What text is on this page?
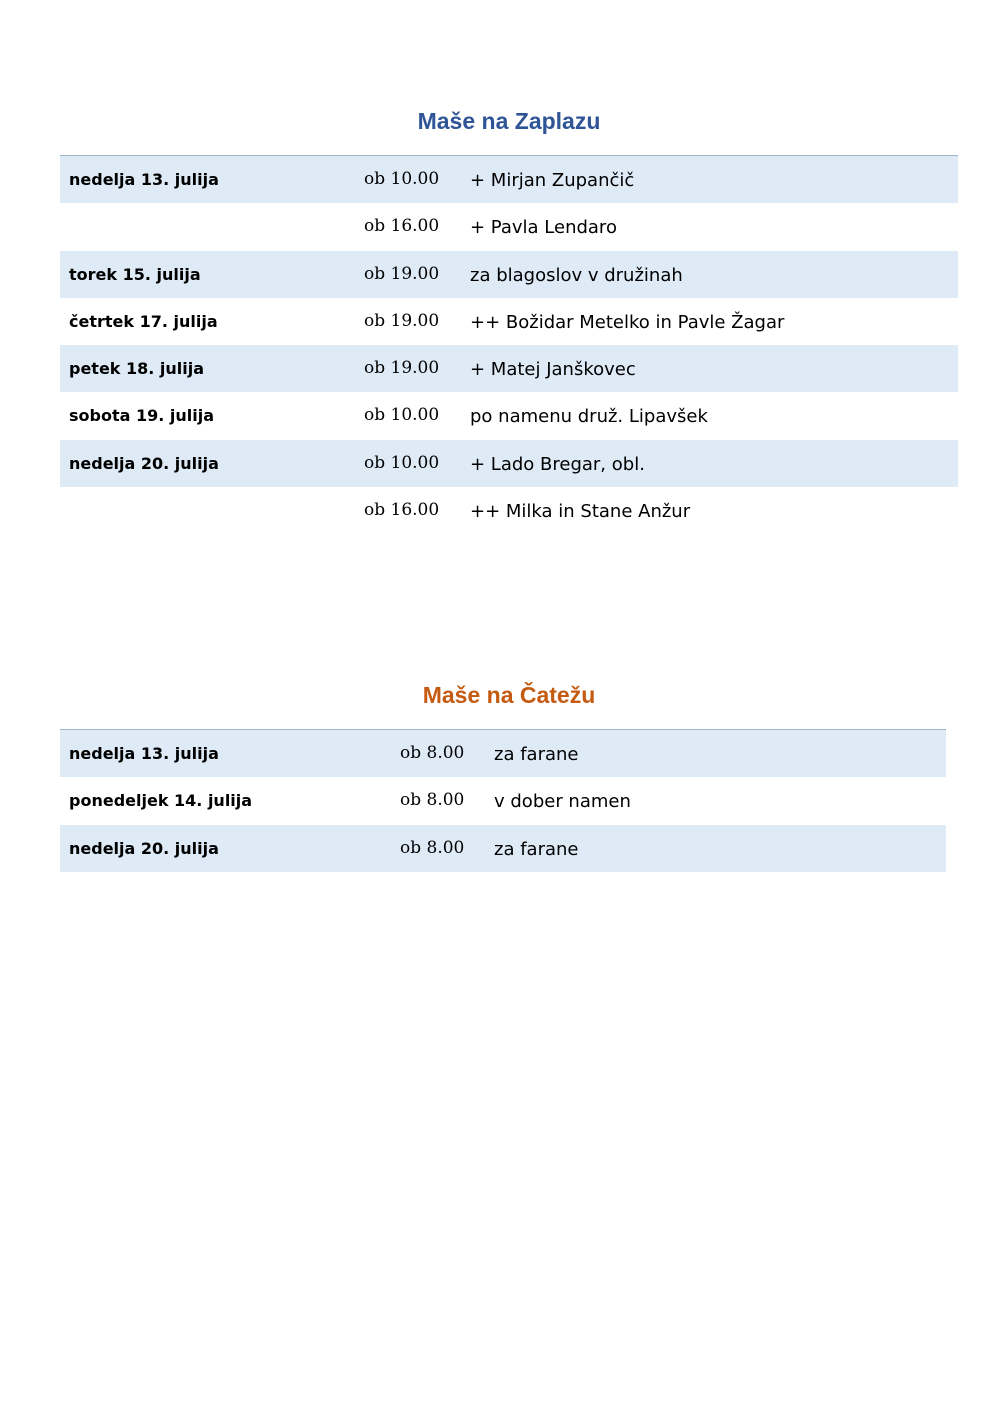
Maše na Zaplazu
nedelja 13. julija	ob 10.00 + Mirjan Zupančič
ob 16.00 + Pavla Lendaro
torek 15. julija	ob 19.00 za blagoslov v družinah
četrtek 17. julija	ob 19.00 ++ Božidar Metelko in Pavle Žagar
petek 18. julija	ob 19.00 + Matej Janškovec
sobota 19. julija	ob 10.00 po namenu druž. Lipavšek
nedelja 20. julija	ob 10.00 + Lado Bregar, obl.
ob 16.00 ++ Milka in Stane Anžur
Maše na Čatežu
nedelja 13. julija	ob 8.00 za farane
ponedeljek 14. julija	ob 8.00 v dober namen
nedelja 20. julija	ob 8.00 za farane
